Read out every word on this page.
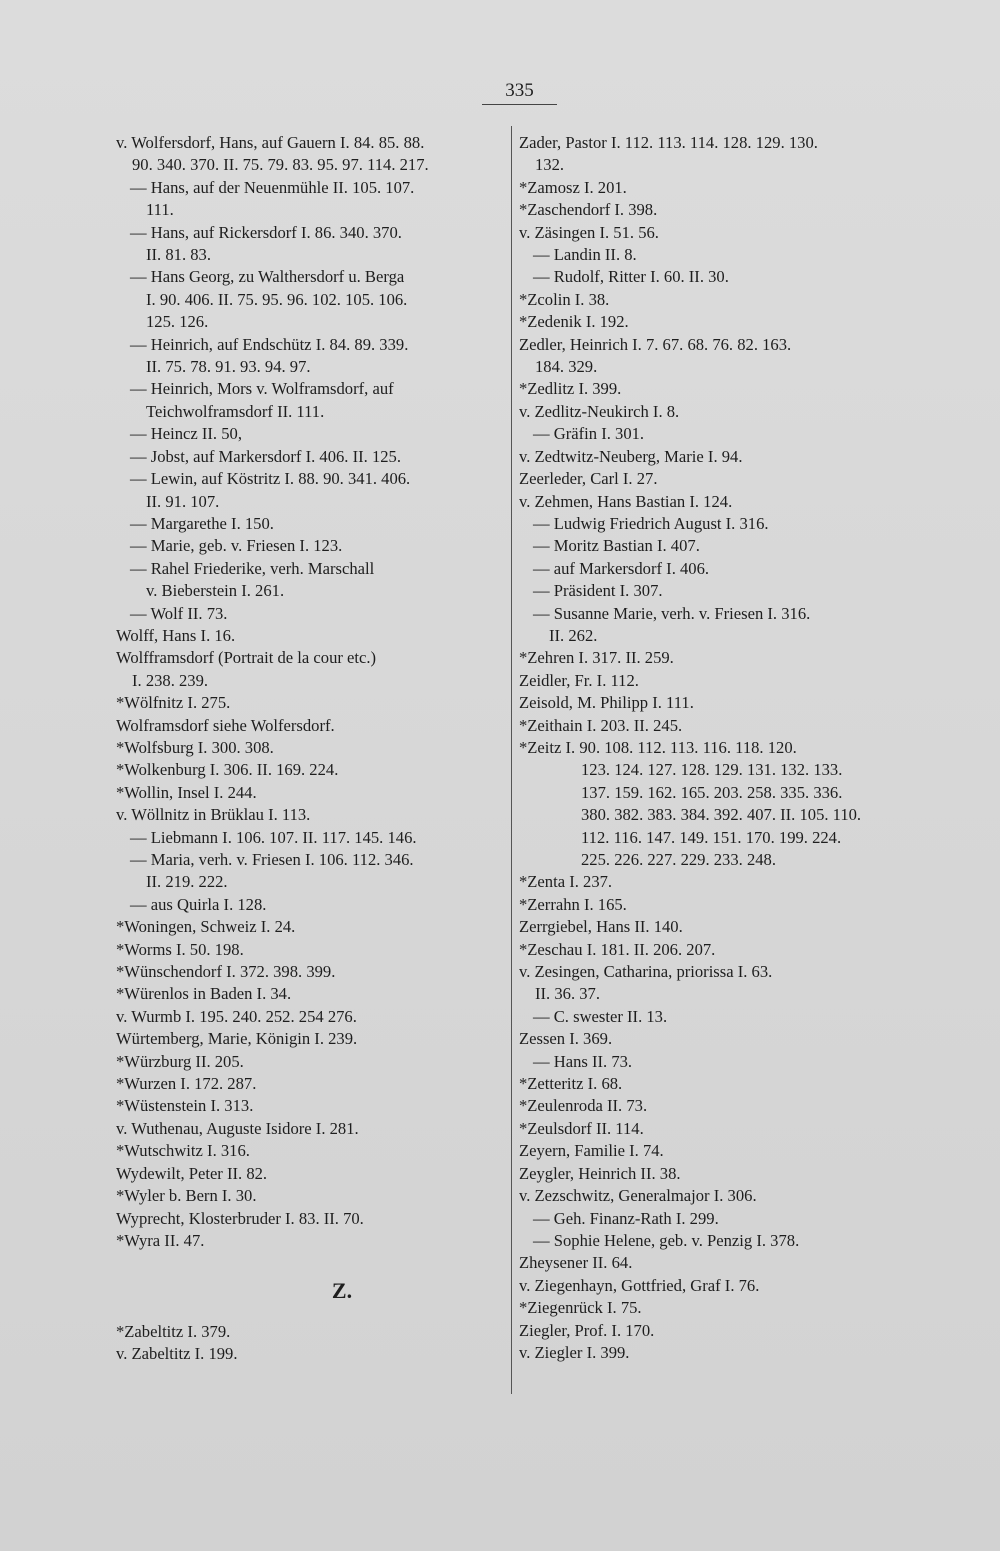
335
v. Wolfersdorf, Hans, auf Gauern I. 84. 85. 88.
90. 340. 370. II. 75. 79. 83. 95. 97. 114. 217.
— Hans, auf der Neuenmühle II. 105. 107.
111.
— Hans, auf Rickersdorf I. 86. 340. 370.
II. 81. 83.
— Hans Georg, zu Walthersdorf u. Berga
I. 90. 406. II. 75. 95. 96. 102. 105. 106.
125. 126.
— Heinrich, auf Endschütz I. 84. 89. 339.
II. 75. 78. 91. 93. 94. 97.
— Heinrich, Mors v. Wolframsdorf, auf
Teichwolframsdorf II. 111.
— Heincz II. 50,
— Jobst, auf Markersdorf I. 406. II. 125.
— Lewin, auf Köstritz I. 88. 90. 341. 406.
II. 91. 107.
— Margarethe I. 150.
— Marie, geb. v. Friesen I. 123.
— Rahel Friederike, verh. Marschall
v. Bieberstein I. 261.
— Wolf II. 73.
Wolff, Hans I. 16.
Wolfframsdorf (Portrait de la cour etc.)
I. 238. 239.
*Wölfnitz I. 275.
Wolframsdorf siehe Wolfersdorf.
*Wolfsburg I. 300. 308.
*Wolkenburg I. 306. II. 169. 224.
*Wollin, Insel I. 244.
v. Wöllnitz in Brüklau I. 113.
— Liebmann I. 106. 107. II. 117. 145. 146.
— Maria, verh. v. Friesen I. 106. 112. 346.
II. 219. 222.
— aus Quirla I. 128.
*Woningen, Schweiz I. 24.
*Worms I. 50. 198.
*Wünschendorf I. 372. 398. 399.
*Würenlos in Baden I. 34.
v. Wurmb I. 195. 240. 252. 254 276.
Würtemberg, Marie, Königin I. 239.
*Würzburg II. 205.
*Wurzen I. 172. 287.
*Wüstenstein I. 313.
v. Wuthenau, Auguste Isidore I. 281.
*Wutschwitz I. 316.
Wydewilt, Peter II. 82.
*Wyler b. Bern I. 30.
Wyprecht, Klosterbruder I. 83. II. 70.
*Wyra II. 47.
Z.
*Zabeltitz I. 379.
v. Zabeltitz I. 199.
Zader, Pastor I. 112. 113. 114. 128. 129. 130.
132.
*Zamosz I. 201.
*Zaschendorf I. 398.
v. Zäsingen I. 51. 56.
— Landin II. 8.
— Rudolf, Ritter I. 60. II. 30.
*Zcolin I. 38.
*Zedenik I. 192.
Zedler, Heinrich I. 7. 67. 68. 76. 82. 163.
184. 329.
*Zedlitz I. 399.
v. Zedlitz-Neukirch I. 8.
— Gräfin I. 301.
v. Zedtwitz-Neuberg, Marie I. 94.
Zeerleder, Carl I. 27.
v. Zehmen, Hans Bastian I. 124.
— Ludwig Friedrich August I. 316.
— Moritz Bastian I. 407.
— auf Markersdorf I. 406.
— Präsident I. 307.
— Susanne Marie, verh. v. Friesen I. 316.
II. 262.
*Zehren I. 317. II. 259.
Zeidler, Fr. I. 112.
Zeisold, M. Philipp I. 111.
*Zeithain I. 203. II. 245.
*Zeitz I. 90. 108. 112. 113. 116. 118. 120.
123. 124. 127. 128. 129. 131. 132. 133.
137. 159. 162. 165. 203. 258. 335. 336.
380. 382. 383. 384. 392. 407. II. 105. 110.
112. 116. 147. 149. 151. 170. 199. 224.
225. 226. 227. 229. 233. 248.
*Zenta I. 237.
*Zerrahn I. 165.
Zerrgiebel, Hans II. 140.
*Zeschau I. 181. II. 206. 207.
v. Zesingen, Catharina, priorissa I. 63.
II. 36. 37.
— C. swester II. 13.
Zessen I. 369.
— Hans II. 73.
*Zetteritz I. 68.
*Zeulenroda II. 73.
*Zeulsdorf II. 114.
Zeyern, Familie I. 74.
Zeygler, Heinrich II. 38.
v. Zezschwitz, Generalmajor I. 306.
— Geh. Finanz-Rath I. 299.
— Sophie Helene, geb. v. Penzig I. 378.
Zheysener II. 64.
v. Ziegenhayn, Gottfried, Graf I. 76.
*Ziegenrück I. 75.
Ziegler, Prof. I. 170.
v. Ziegler I. 399.
